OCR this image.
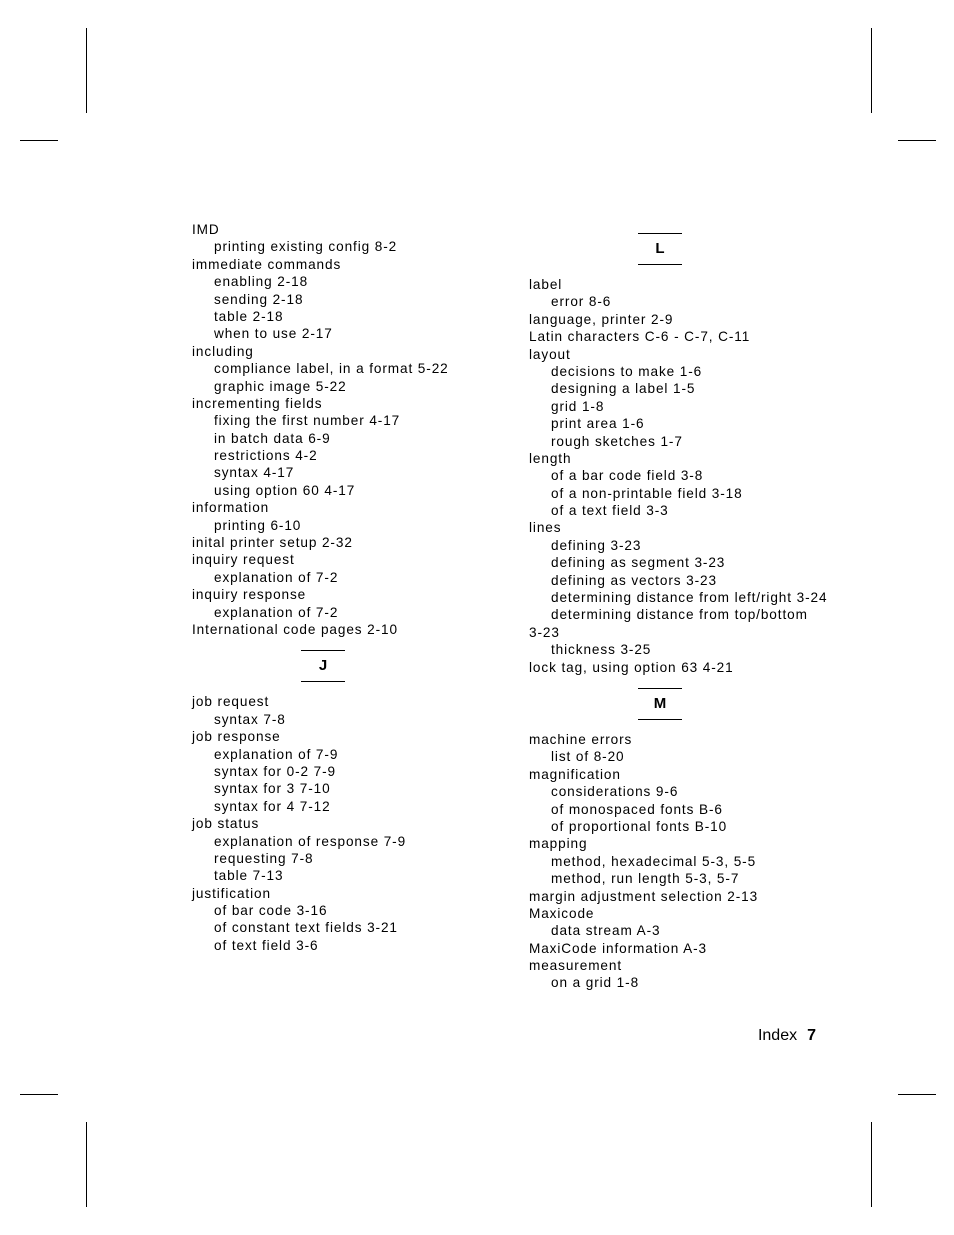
IMD
printing existing config 8-2
immediate commands
enabling 2-18
sending 2-18
table 2-18
when to use 2-17
including
compliance label, in a format 5-22
graphic image 5-22
incrementing fields
fixing the first number 4-17
in batch data 6-9
restrictions 4-2
syntax 4-17
using option 60 4-17
information
printing 6-10
inital printer setup 2-32
inquiry request
explanation of 7-2
inquiry response
explanation of 7-2
International code pages 2-10
J
job request
syntax 7-8
job response
explanation of 7-9
syntax for 0-2 7-9
syntax for 3 7-10
syntax for 4 7-12
job status
explanation of response 7-9
requesting 7-8
table 7-13
justification
of bar code 3-16
of constant text fields 3-21
of text field 3-6
L
label
error 8-6
language, printer 2-9
Latin characters C-6 - C-7, C-11
layout
decisions to make 1-6
designing a label 1-5
grid 1-8
print area 1-6
rough sketches 1-7
length
of a bar code field 3-8
of a non-printable field 3-18
of a text field 3-3
lines
defining 3-23
defining as segment 3-23
defining as vectors 3-23
determining distance from left/right 3-24
determining distance from top/bottom
3-23
thickness 3-25
lock tag, using option 63 4-21
M
machine errors
list of 8-20
magnification
considerations 9-6
of monospaced fonts B-6
of proportional fonts B-10
mapping
method, hexadecimal 5-3, 5-5
method, run length 5-3, 5-7
margin adjustment selection 2-13
Maxicode
data stream A-3
MaxiCode information A-3
measurement
on a grid 1-8
Index 7
